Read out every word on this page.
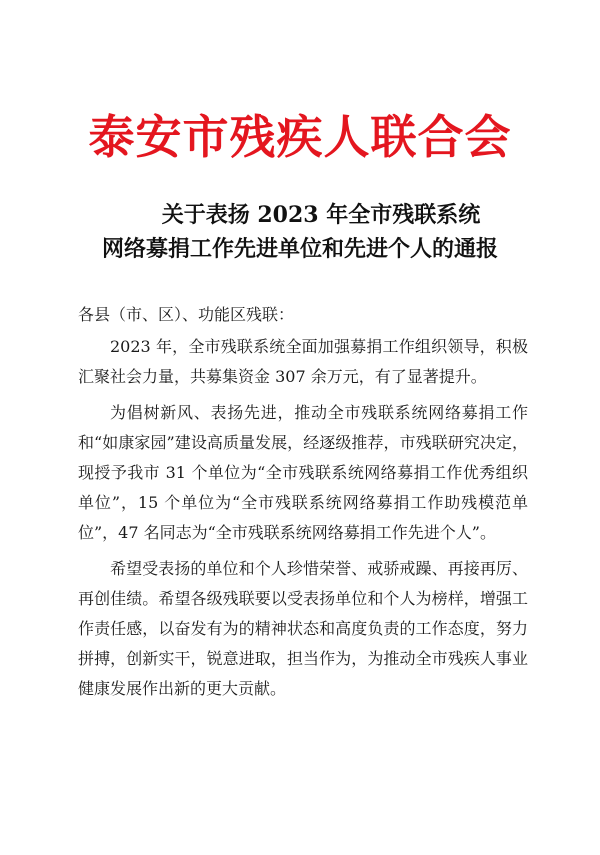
泰安市残疾人联合会
关于表扬 2023 年全市残联系统
网络募捐工作先进单位和先进个人的通报

各县（市、区）、功能区残联：

2023 年，全市残联系统全面加强募捐工作组织领导，积极汇聚社会力量，共募集资金 307 余万元，有了显著提升。

为倡树新风、表扬先进，推动全市残联系统网络募捐工作和“如康家园”建设高质量发展，经逐级推荐，市残联研究决定，现授予我市 31 个单位为“全市残联系统网络募捐工作优秀组织单位”，15 个单位为“全市残联系统网络募捐工作助残模范单位”，47 名同志为“全市残联系统网络募捐工作先进个人”。

希望受表扬的单位和个人珍惜荣誉、戒骄戒躁、再接再厉、再创佳绩。希望各级残联要以受表扬单位和个人为榜样，增强工作责任感，以奋发有为的精神状态和高度负责的工作态度，努力拼搏，创新实干，锐意进取，担当作为，为推动全市残疾人事业健康发展作出新的更大贡献。
